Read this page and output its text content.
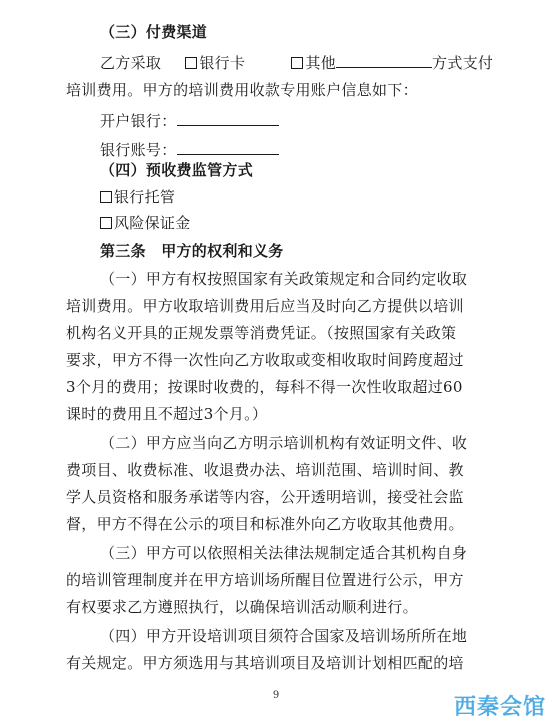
（三）付费渠道
乙方采取	银行卡	其他	方式支付
培训费用。甲方的培训费用收款专用账户信息如下：
开户银行：
银行账号：
（四）预收费监管方式
银行托管
风险保证金
第三条　甲方的权利和义务
（一）甲方有权按照国家有关政策规定和合同约定收取
培训费用。甲方收取培训费用后应当及时向乙方提供以培训
机构名义开具的正规发票等消费凭证。（按照国家有关政策
要求，甲方不得一次性向乙方收取或变相收取时间跨度超过
3个月的费用；按课时收费的，每科不得一次性收取超过60
课时的费用且不超过3个月。）
（二）甲方应当向乙方明示培训机构有效证明文件、收
费项目、收费标准、收退费办法、培训范围、培训时间、教
学人员资格和服务承诺等内容，公开透明培训，接受社会监
督，甲方不得在公示的项目和标准外向乙方收取其他费用。
（三）甲方可以依照相关法律法规制定适合其机构自身
的培训管理制度并在甲方培训场所醒目位置进行公示，甲方
有权要求乙方遵照执行，以确保培训活动顺利进行。
（四）甲方开设培训项目须符合国家及培训场所所在地
有关规定。甲方须选用与其培训项目及培训计划相匹配的培
9	西秦会馆
